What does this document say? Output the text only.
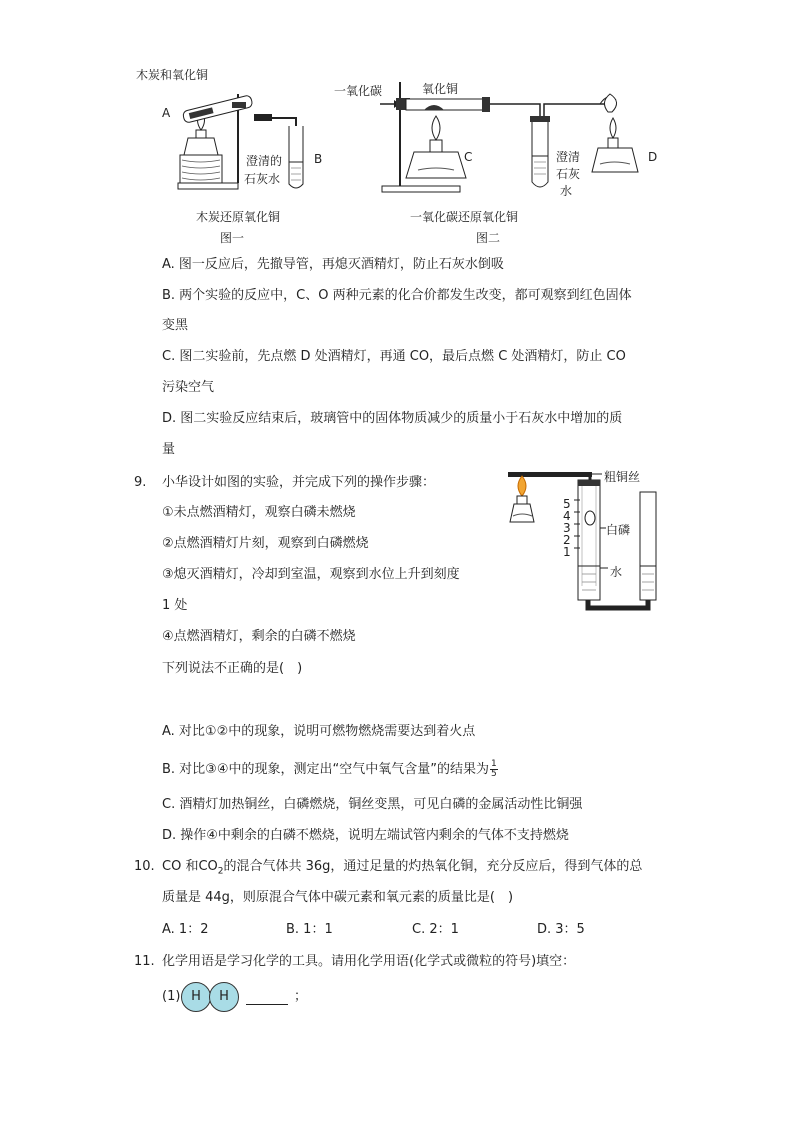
木炭和氧化铜
A
澄清的
石灰水
B
木炭还原氧化铜
图一
一氧化碳	氧化铜
C	澄清
石灰
水
D
一氧化碳还原氧化铜
图二
A. 图一反应后，先撤导管，再熄灭酒精灯，防止石灰水倒吸
B. 两个实验的反应中，C、O 两种元素的化合价都发生改变，都可观察到红色固体
变黑
C. 图二实验前，先点燃 D 处酒精灯，再通 CO，最后点燃 C 处酒精灯，防止 CO
污染空气
D. 图二实验反应结束后，玻璃管中的固体物质减少的质量小于石灰水中增加的质
量
9. 小华设计如图的实验，并完成下列的操作步骤：
①未点燃酒精灯，观察白磷未燃烧
②点燃酒精灯片刻，观察到白磷燃烧
③熄灭酒精灯，冷却到室温，观察到水位上升到刻度
1 处
④点燃酒精灯，剩余的白磷不燃烧
下列说法不正确的是(　)
粗铜丝
白磷
水
5
4
3
2
1
A. 对比①②中的现象，说明可燃物燃烧需要达到着火点
B. 对比③④中的现象，测定出“空气中氧气含量”的结果为 $\frac{1}{5}$
C. 酒精灯加热铜丝，白磷燃烧，铜丝变黑，可见白磷的金属活动性比铜强
D. 操作④中剩余的白磷不燃烧，说明左端试管内剩余的气体不支持燃烧
10. CO 和$CO_2$的混合气体共 36g，通过足量的灼热氧化铜，充分反应后，得到气体的总
质量是 44g，则原混合气体中碳元素和氧元素的质量比是(　)
A. 1：2	B. 1：1	C. 2：1	D. 3：5
11. 化学用语是学习化学的工具。请用化学用语(化学式或微粒的符号)填空：
(1) H	H	；
